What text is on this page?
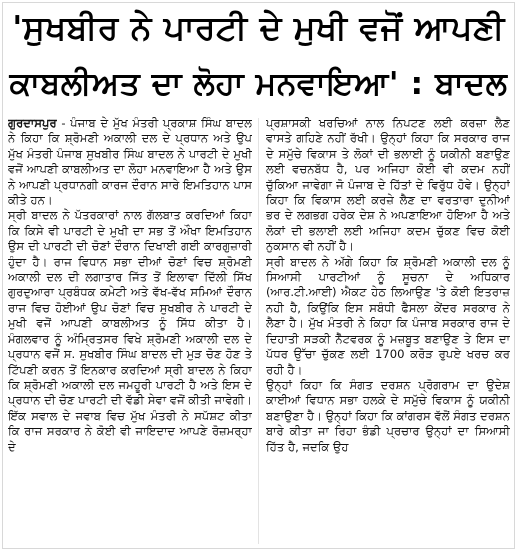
'ਸੁਖਬੀਰ ਨੇ ਪਾਰਟੀ ਦੇ ਮੁਖੀ ਵਜੋਂ ਆਪਣੀ
ਕਾਬਲੀਅਤ ਦਾ ਲੋਹਾ ਮਨਵਾਇਆ' : ਬਾਦਲ

ਗੁਰਦਾਸਪੁਰ - ਪੰਜਾਬ ਦੇ ਮੁੱਖ ਮੰਤਰੀ ਪ੍ਰਕਾਸ਼ ਸਿੰਘ ਬਾਦਲ ਨੇ ਕਿਹਾ ਕਿ ਸ਼੍ਰੋਮਣੀ ਅਕਾਲੀ ਦਲ ਦੇ ਪ੍ਰਧਾਨ ਅਤੇ ਉਪ ਮੁੱਖ ਮੰਤਰੀ ਪੰਜਾਬ ਸੁਖਬੀਰ ਸਿੰਘ ਬਾਦਲ ਨੇ ਪਾਰਟੀ ਦੇ ਮੁਖੀ ਵਜੋਂ ਆਪਣੀ ਕਾਬਲੀਅਤ ਦਾ ਲੋਹਾ ਮਨਵਾਇਆ ਹੈ ਅਤੇ ਉਸ ਨੇ ਆਪਣੀ ਪ੍ਰਧਾਨਗੀ ਕਾਰਜ ਦੌਰਾਨ ਸਾਰੇ ਇਮਤਿਹਾਨ ਪਾਸ ਕੀਤੇ ਹਨ।

ਸ੍ਰੀ ਬਾਦਲ ਨੇ ਪੱਤਰਕਾਰਾਂ ਨਾਲ ਗੱਲਬਾਤ ਕਰਦਿਆਂ ਕਿਹਾ ਕਿ ਕਿਸੇ ਵੀ ਪਾਰਟੀ ਦੇ ਮੁਖੀ ਦਾ ਸਭ ਤੋਂ ਔਖਾ ਇਮਤਿਹਾਨ ਉਸ ਦੀ ਪਾਰਟੀ ਦੀ ਚੋਣਾਂ ਦੌਰਾਨ ਦਿਖਾਈ ਗਈ ਕਾਰਗੁਜ਼ਾਰੀ ਹੁੰਦਾ ਹੈ। ਰਾਜ ਵਿਧਾਨ ਸਭਾ ਦੀਆਂ ਚੋਣਾਂ ਵਿਚ ਸ਼੍ਰੋਮਣੀ ਅਕਾਲੀ ਦਲ ਦੀ ਲਗਾਤਾਰ ਜਿੱਤ ਤੋਂ ਇਲਾਵਾ ਦਿੱਲੀ ਸਿੱਖ ਗੁਰਦੁਆਰਾ ਪ੍ਰਬੰਧਕ ਕਮੇਟੀ ਅਤੇ ਵੱਖ-ਵੱਖ ਸਮਿਆਂ ਦੌਰਾਨ ਰਾਜ ਵਿਚ ਹੋਈਆਂ ਉਪ ਚੋਣਾਂ ਵਿਚ ਸੁਖਬੀਰ ਨੇ ਪਾਰਟੀ ਦੇ ਮੁਖੀ ਵਜੋਂ ਆਪਣੀ ਕਾਬਲੀਅਤ ਨੂੰ ਸਿੱਧ ਕੀਤਾ ਹੈ। ਮੰਗਲਵਾਰ ਨੂੰ ਅੰਮ੍ਰਿਤਸਰ ਵਿਖੇ ਸ਼੍ਰੋਮਣੀ ਅਕਾਲੀ ਦਲ ਦੇ ਪ੍ਰਧਾਨ ਵਜੋਂ ਸ. ਸੁਖਬੀਰ ਸਿੰਘ ਬਾਦਲ ਦੀ ਮੁੜ ਚੋਣ ਹੋਣ ਤੇ ਟਿੱਪਣੀ ਕਰਨ ਤੋਂ ਇਨਕਾਰ ਕਰਦਿਆਂ ਸ੍ਰੀ ਬਾਦਲ ਨੇ ਕਿਹਾ ਕਿ ਸ਼੍ਰੋਮਣੀ ਅਕਾਲੀ ਦਲ ਜਮਹੂਰੀ ਪਾਰਟੀ ਹੈ ਅਤੇ ਇਸ ਦੇ ਪ੍ਰਧਾਨ ਦੀ ਚੋਣ ਪਾਰਟੀ ਦੀ ਵੱਡੀ ਸੇਵਾ ਵਜੋਂ ਕੀਤੀ ਜਾਵੇਗੀ। ਇੱਕ ਸਵਾਲ ਦੇ ਜਵਾਬ ਵਿਚ ਮੁੱਖ ਮੰਤਰੀ ਨੇ ਸਪੱਸ਼ਟ ਕੀਤਾ ਕਿ ਰਾਜ ਸਰਕਾਰ ਨੇ ਕੋਈ ਵੀ ਜਾਇਦਾਦ ਆਪਣੇ ਰੋਜ਼ਮਰ੍ਹਾ ਦੇ

ਪ੍ਰਸ਼ਾਸਕੀ ਖਰਚਿਆਂ ਨਾਲ ਨਿਪਟਣ ਲਈ ਕਰਜ਼ਾ ਲੈਣ ਵਾਸਤੇ ਗਹਿਣੇ ਨਹੀਂ ਰੱਖੀ। ਉਨ੍ਹਾਂ ਕਿਹਾ ਕਿ ਸਰਕਾਰ ਰਾਜ ਦੇ ਸਮੁੱਚੇ ਵਿਕਾਸ ਤੇ ਲੋਕਾਂ ਦੀ ਭਲਾਈ ਨੂੰ ਯਕੀਨੀ ਬਣਾਉਣ ਲਈ ਵਚਨਬੱਧ ਹੈ, ਪਰ ਅਜਿਹਾ ਕੋਈ ਵੀ ਕਦਮ ਨਹੀਂ ਚੁੱਕਿਆ ਜਾਵੇਗਾ ਜੋ ਪੰਜਾਬ ਦੇ ਹਿੱਤਾਂ ਦੇ ਵਿਰੁੱਧ ਹੋਵੇ। ਉਨ੍ਹਾਂ ਕਿਹਾ ਕਿ ਵਿਕਾਸ ਲਈ ਕਰਜ਼ੇ ਲੈਣ ਦਾ ਵਰਤਾਰਾ ਦੁਨੀਆਂ ਭਰ ਦੇ ਲਗਭਗ ਹਰੇਕ ਦੇਸ਼ ਨੇ ਅਪਣਾਇਆ ਹੋਇਆ ਹੈ ਅਤੇ ਲੋਕਾਂ ਦੀ ਭਲਾਈ ਲਈ ਅਜਿਹਾ ਕਦਮ ਚੁੱਕਣ ਵਿਚ ਕੋਈ ਨੁਕਸਾਨ ਵੀ ਨਹੀਂ ਹੈ।

ਸ੍ਰੀ ਬਾਦਲ ਨੇ ਅੱਗੇ ਕਿਹਾ ਕਿ ਸ਼੍ਰੋਮਣੀ ਅਕਾਲੀ ਦਲ ਨੂੰ ਸਿਆਸੀ ਪਾਰਟੀਆਂ ਨੂੰ ਸੂਚਨਾ ਦੇ ਅਧਿਕਾਰ (ਆਰ.ਟੀ.ਆਈ) ਐਕਟ ਹੇਠ ਲਿਆਉਣ 'ਤੇ ਕੋਈ ਇਤਰਾਜ਼ ਨਹੀ ਹੈ, ਕਿਉਂਕਿ ਇਸ ਸਬੰਧੀ ਫੈਸਲਾ ਕੇਂਦਰ ਸਰਕਾਰ ਨੇ ਲੈਣਾ ਹੈ। ਮੁੱਖ ਮੰਤਰੀ ਨੇ ਕਿਹਾ ਕਿ ਪੰਜਾਬ ਸਰਕਾਰ ਰਾਜ ਦੇ ਦਿਹਾਤੀ ਸੜਕੀ ਨੈੱਟਵਰਕ ਨੂੰ ਮਜ਼ਬੂਤ ਬਣਾਉਣ ਤੇ ਇਸ ਦਾ ਪੱਧਰ ਉੱਚਾ ਚੁੱਕਣ ਲਈ 1700 ਕਰੋੜ ਰੁਪਏ ਖਰਚ ਕਰ ਰਹੀ ਹੈ।

ਉਨ੍ਹਾਂ ਕਿਹਾ ਕਿ ਸੰਗਤ ਦਰਸ਼ਨ ਪ੍ਰੋਗਰਾਮ ਦਾ ਉਦੇਸ਼ ਕਾਈਆਂ ਵਿਧਾਨ ਸਭਾ ਹਲਕੇ ਦੇ ਸਮੁੱਚੇ ਵਿਕਾਸ ਨੂੰ ਯਕੀਨੀ ਬਣਾਉਣਾ ਹੈ। ਉਨ੍ਹਾਂ ਕਿਹਾ ਕਿ ਕਾਂਗਰਸ ਵੱਲੋਂ ਸੰਗਤ ਦਰਸ਼ਨ ਬਾਰੇ ਕੀਤਾ ਜਾ ਰਿਹਾ ਭੰਡੀ ਪ੍ਰਚਾਰ ਉਨ੍ਹਾਂ ਦਾ ਸਿਆਸੀ ਹਿੱਤ ਹੈ, ਜਦਕਿ ਉਹ
